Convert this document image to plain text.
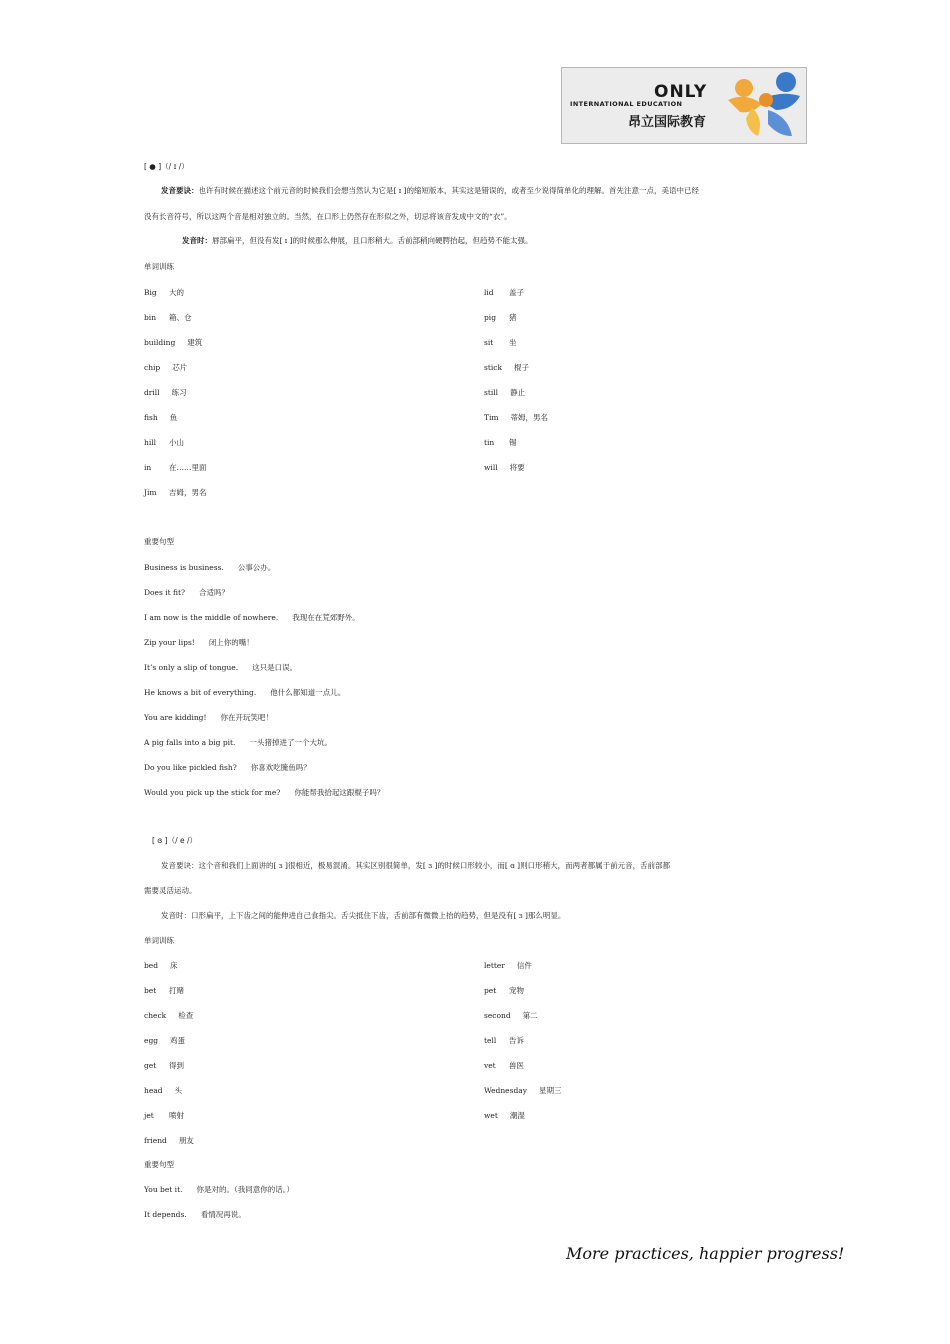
ONLY
INTERNATIONAL EDUCATION
昂立国际教育
[ ● ]（/ ɪ /）
发音要诀：也许有时候在描述这个前元音的时候我们会想当然认为它是[ ɪ ]的缩短版本，其实这是错误的，或者至少说得简单化的理解。首先注意一点，美语中已经
没有长音符号，所以这两个音是相对独立的。当然，在口形上仍然存在形似之外，切忌将该音发成中文的“衣”。
发音时：唇部扁平，但没有发[ ɪ ]的时候那么伸展，且口形稍大。舌前部稍向硬腭抬起，但趋势不能太强。
单词训练
Big 大的
bin 箱、仓
building 建筑
chip 芯片
drill 练习
fish 鱼
hill 小山
in 在……里面
Jim 吉姆，男名
lid 盖子
pig 猪
sit 坐
stick 棍子
still 静止
Tim 蒂姆，男名
tin 锡
will 将要
重要句型
Business is business. 公事公办。
Does it fit? 合适吗？
I am now is the middle of nowhere. 我现在在荒郊野外。
Zip your lips! 闭上你的嘴！
It’s only a slip of tongue. 这只是口误。
He knows a bit of everything. 他什么都知道一点儿。
You are kidding! 你在开玩笑吧！
A pig falls into a big pit. 一头猪掉进了一个大坑。
Do you like pickled fish? 你喜欢吃腌鱼吗？
Would you pick up the stick for me? 你能帮我拾起这跟棍子吗？
[ ɞ ]（/ e /）
发音要诀：这个音和我们上面讲的[ ɜ ]很相近，极易混淆。其实区别很简单，发[ ɜ ]的时候口形较小，而[ ɞ ]则口形稍大，而两者都属于前元音，舌前部都
需要灵活运动。
发音时：口形扁平，上下齿之间的能伸进自己食指尖。舌尖抵住下齿，舌前部有微微上抬的趋势，但是没有[ ɜ ]那么明显。
单词训练
bed 床
bet 打赌
check 检查
egg 鸡蛋
get 得到
head 头
jet 喷射
friend 朋友
letter 信件
pet 宠物
second 第二
tell 告诉
vet 兽医
Wednesday 星期三
wet 潮湿
重要句型
You bet it. 你是对的。（我同意你的话。）
It depends. 看情况再说。
More practices, happier progress!
